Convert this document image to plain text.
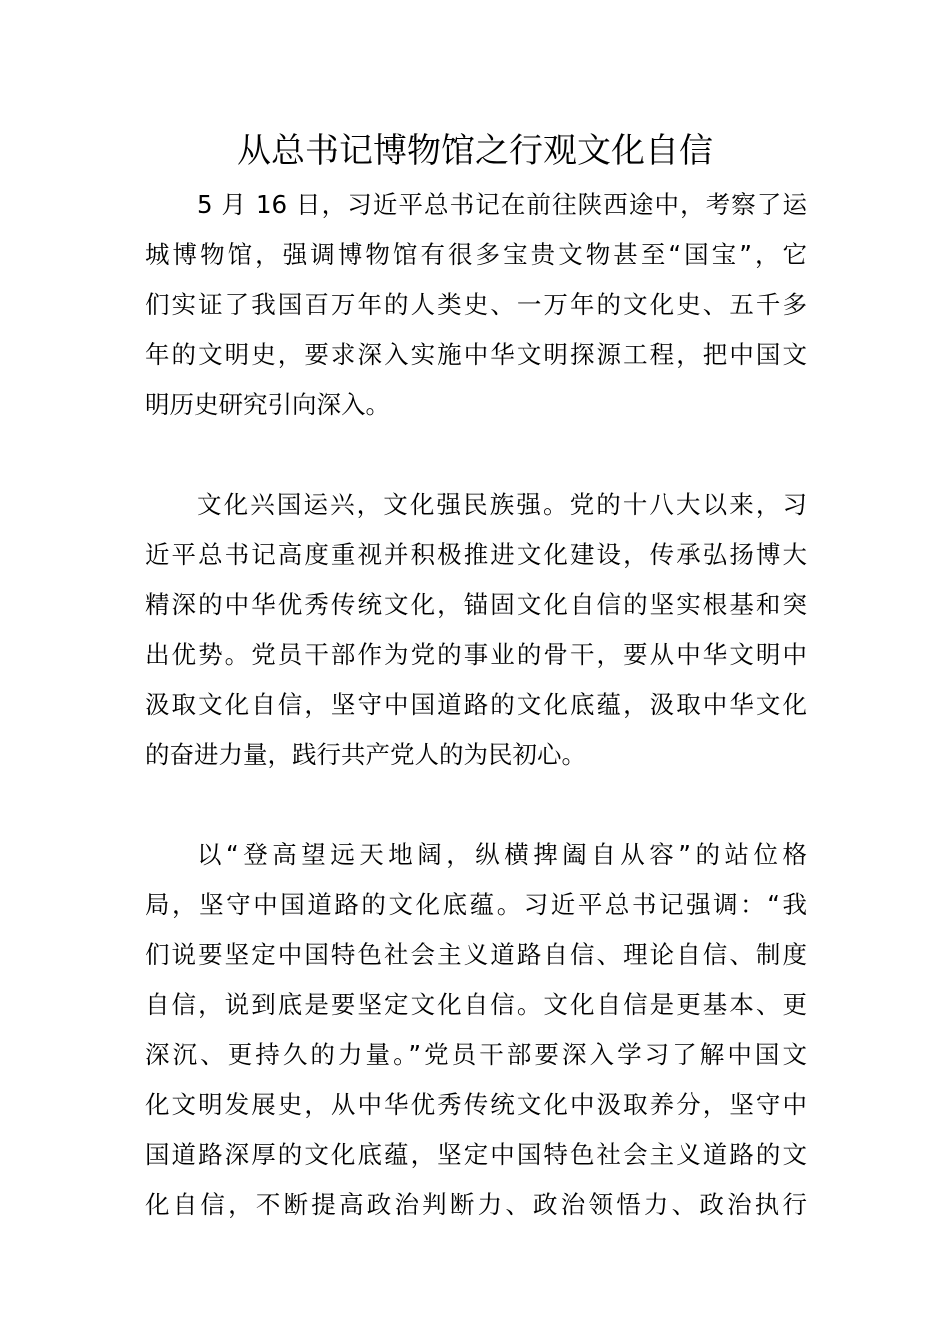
从总书记博物馆之行观文化自信
5 月 16 日，习近平总书记在前往陕西途中，考察了运
城博物馆，强调博物馆有很多宝贵文物甚至“国宝”，它
们实证了我国百万年的人类史、一万年的文化史、五千多
年的文明史，要求深入实施中华文明探源工程，把中国文
明历史研究引向深入。
文化兴国运兴，文化强民族强。党的十八大以来，习
近平总书记高度重视并积极推进文化建设，传承弘扬博大
精深的中华优秀传统文化，锚固文化自信的坚实根基和突
出优势。党员干部作为党的事业的骨干，要从中华文明中
汲取文化自信，坚守中国道路的文化底蕴，汲取中华文化
的奋进力量，践行共产党人的为民初心。
以“登高望远天地阔，纵横捭阖自从容”的站位格
局，坚守中国道路的文化底蕴。习近平总书记强调：“我
们说要坚定中国特色社会主义道路自信、理论自信、制度
自信，说到底是要坚定文化自信。文化自信是更基本、更
深沉、更持久的力量。”党员干部要深入学习了解中国文
化文明发展史，从中华优秀传统文化中汲取养分，坚守中
国道路深厚的文化底蕴，坚定中国特色社会主义道路的文
化自信，不断提高政治判断力、政治领悟力、政治执行
